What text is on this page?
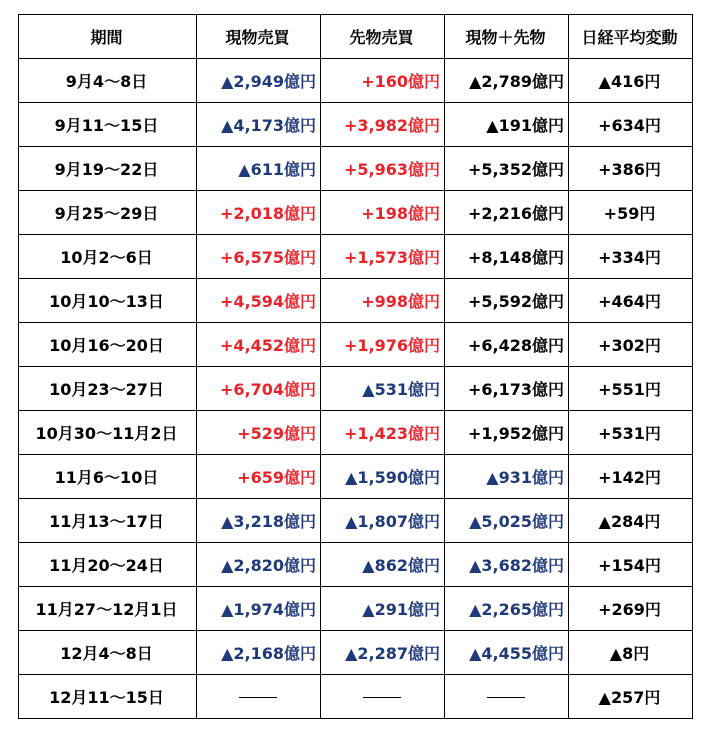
期間	現物売買	先物売買	現物＋先物	日経平均変動
9月4～8日	▲2,949億円	+160億円	▲2,789億円	▲416円
9月11～15日	▲4,173億円	+3,982億円	▲191億円	+634円
9月19～22日	▲611億円	+5,963億円	+5,352億円	+386円
9月25～29日	+2,018億円	+198億円	+2,216億円	+59円
10月2～6日	+6,575億円	+1,573億円	+8,148億円	+334円
10月10～13日	+4,594億円	+998億円	+5,592億円	+464円
10月16～20日	+4,452億円	+1,976億円	+6,428億円	+302円
10月23～27日	+6,704億円	▲531億円	+6,173億円	+551円
10月30～11月2日	+529億円	+1,423億円	+1,952億円	+531円
11月6～10日	+659億円	▲1,590億円	▲931億円	+142円
11月13～17日	▲3,218億円	▲1,807億円	▲5,025億円	▲284円
11月20～24日	▲2,820億円	▲862億円	▲3,682億円	+154円
11月27～12月1日	▲1,974億円	▲291億円	▲2,265億円	+269円
12月4～8日	▲2,168億円	▲2,287億円	▲4,455億円	▲8円
12月11～15日				▲257円
